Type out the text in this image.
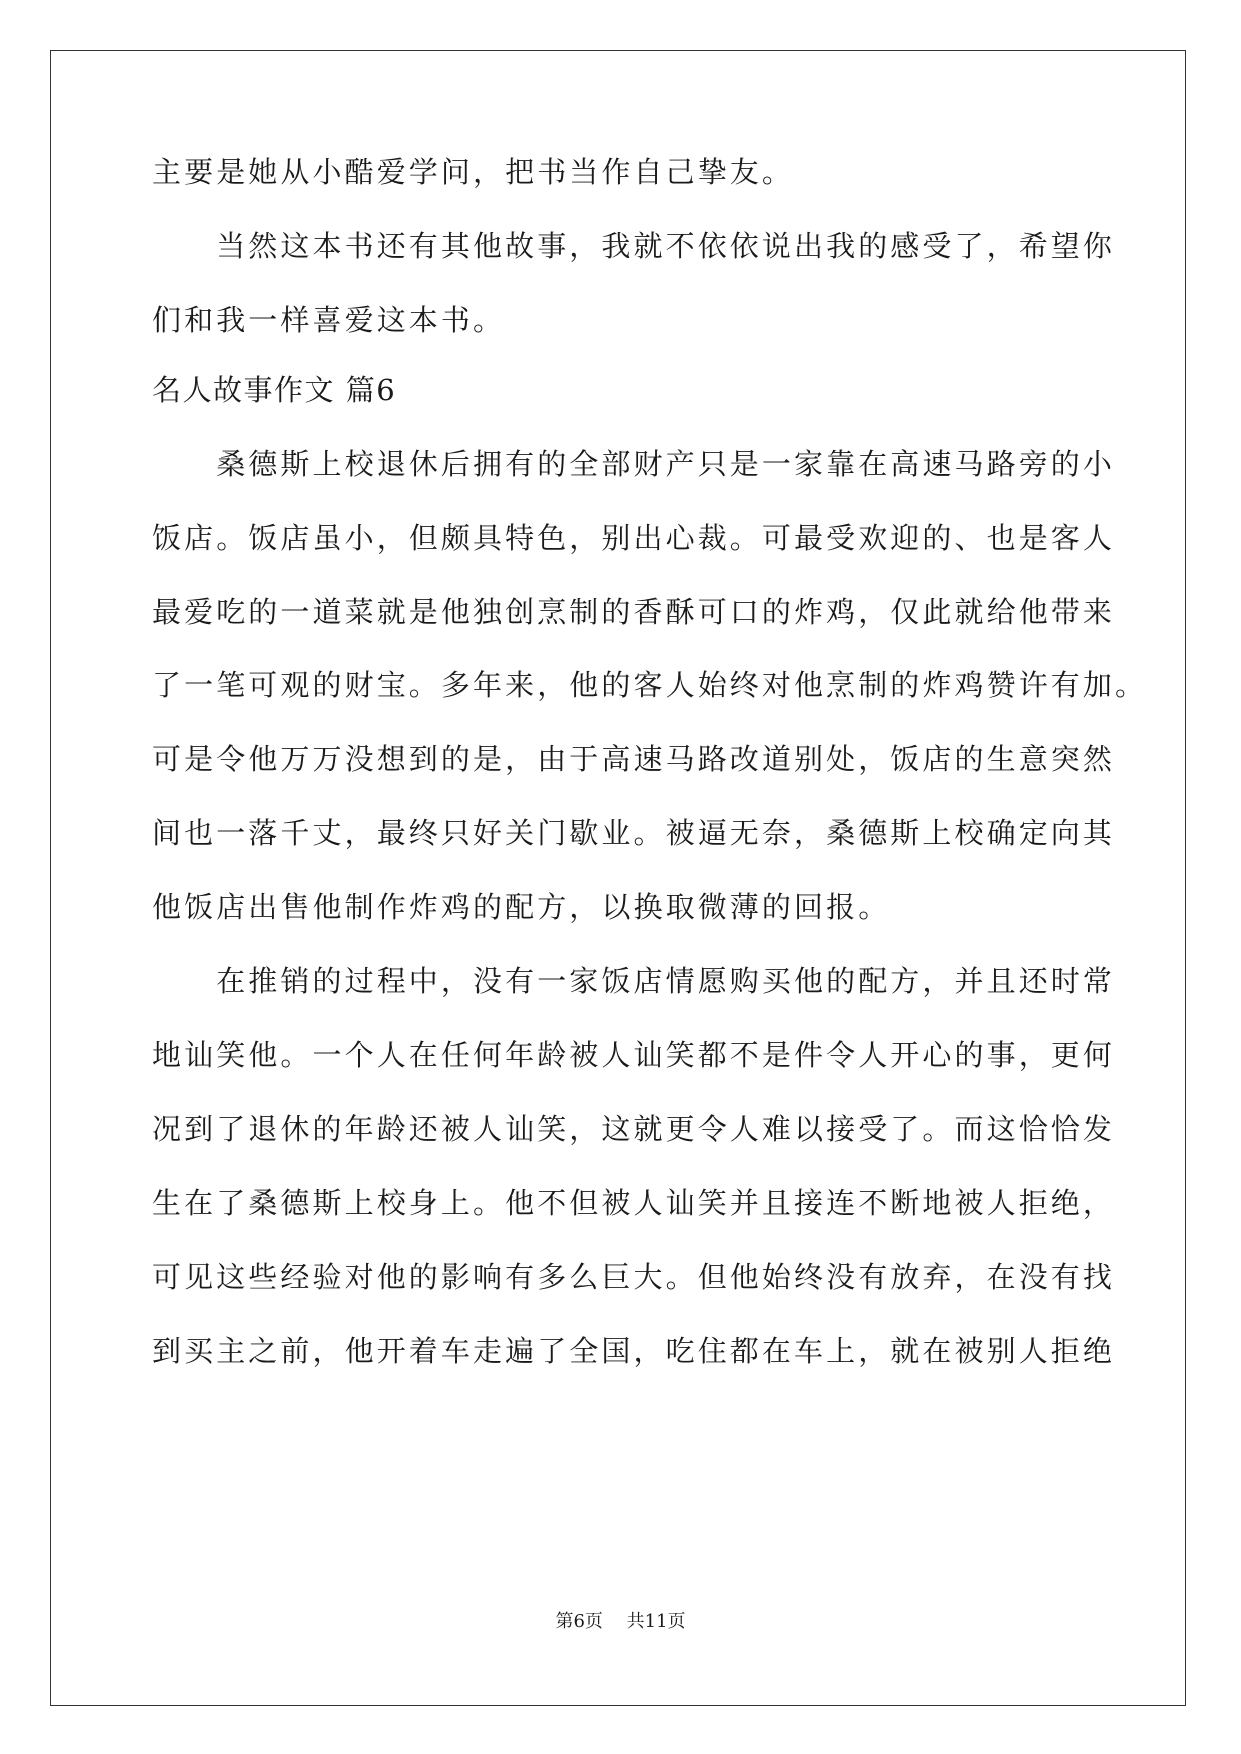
主要是她从小酷爱学问，把书当作自己挚友。
　　当然这本书还有其他故事，我就不依依说出我的感受了，希望你
们和我一样喜爱这本书。
名人故事作文 篇6
　　桑德斯上校退休后拥有的全部财产只是一家靠在高速马路旁的小
饭店。饭店虽小，但颇具特色，别出心裁。可最受欢迎的、也是客人
最爱吃的一道菜就是他独创烹制的香酥可口的炸鸡，仅此就给他带来
了一笔可观的财宝。多年来，他的客人始终对他烹制的炸鸡赞许有加。
可是令他万万没想到的是，由于高速马路改道别处，饭店的生意突然
间也一落千丈，最终只好关门歇业。被逼无奈，桑德斯上校确定向其
他饭店出售他制作炸鸡的配方，以换取微薄的回报。
　　在推销的过程中，没有一家饭店情愿购买他的配方，并且还时常
地讪笑他。一个人在任何年龄被人讪笑都不是件令人开心的事，更何
况到了退休的年龄还被人讪笑，这就更令人难以接受了。而这恰恰发
生在了桑德斯上校身上。他不但被人讪笑并且接连不断地被人拒绝，
可见这些经验对他的影响有多么巨大。但他始终没有放弃，在没有找
到买主之前，他开着车走遍了全国，吃住都在车上，就在被别人拒绝
第6页　 共11页
